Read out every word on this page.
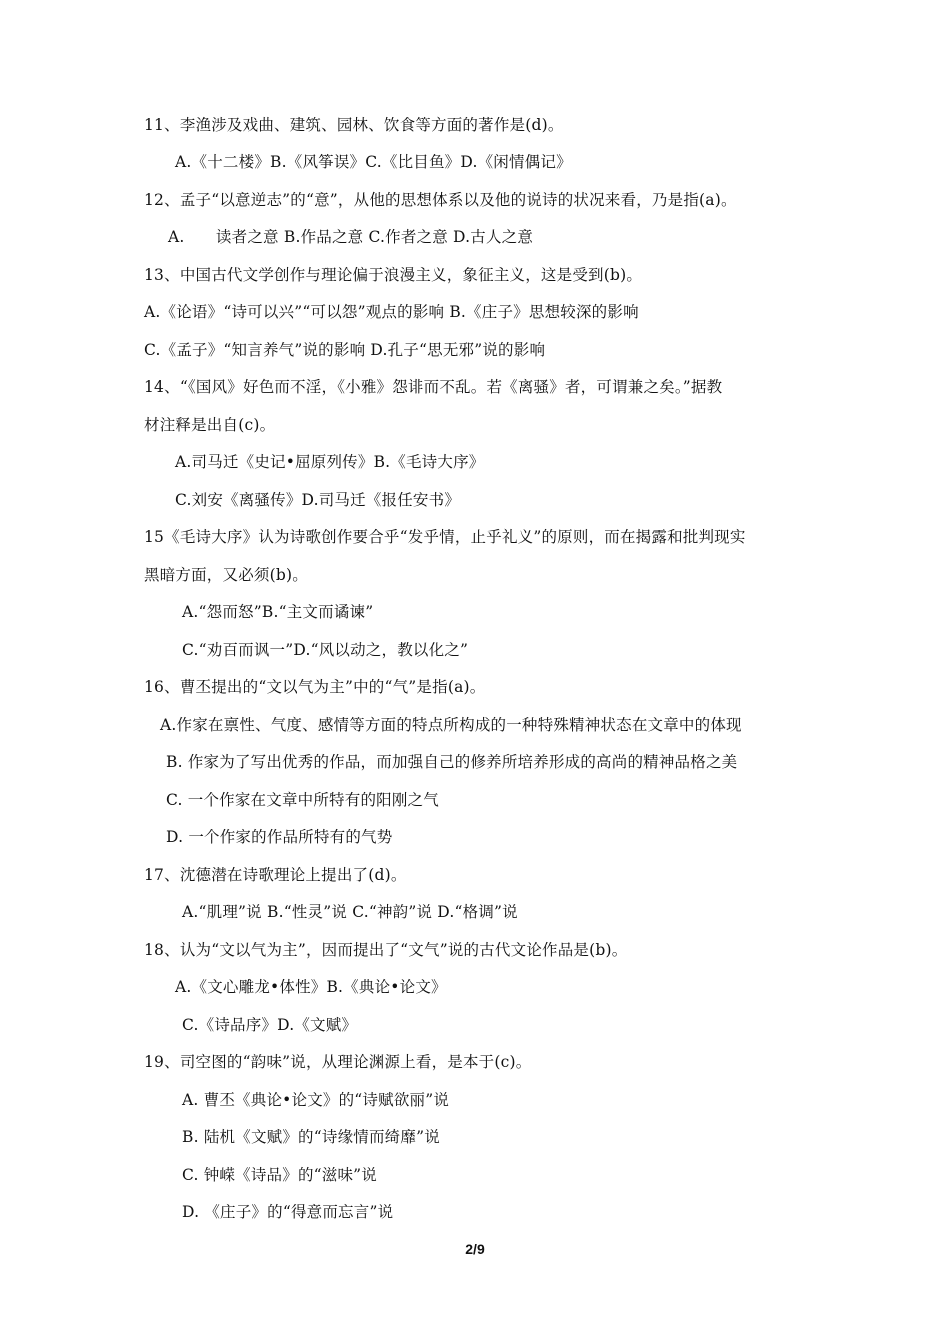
11、李渔涉及戏曲、建筑、园林、饮食等方面的著作是(d)。
A.《十二楼》B.《风筝误》C.《比目鱼》D.《闲情偶记》
12、孟子“以意逆志”的“意”，从他的思想体系以及他的说诗的状况来看，乃是指(a)。
A.　　读者之意 B.作品之意 C.作者之意 D.古人之意
13、中国古代文学创作与理论偏于浪漫主义，象征主义，这是受到(b)。
A.《论语》“诗可以兴”“可以怨”观点的影响 B.《庄子》思想较深的影响
C.《孟子》“知言养气”说的影响 D.孔子“思无邪”说的影响
14、“《国风》好色而不淫，《小雅》怨诽而不乱。若《离骚》者，可谓兼之矣。”据教
材注释是出自(c)。
A.司马迁《史记•屈原列传》B.《毛诗大序》
C.刘安《离骚传》D.司马迁《报任安书》
15《毛诗大序》认为诗歌创作要合乎“发乎情，止乎礼义”的原则，而在揭露和批判现实
黑暗方面，又必须(b)。
A.“怨而怒”B.“主文而谲谏”
C.“劝百而讽一”D.“风以动之，教以化之”
16、曹丕提出的“文以气为主”中的“气”是指(a)。
A.作家在禀性、气度、感情等方面的特点所构成的一种特殊精神状态在文章中的体现
B. 作家为了写出优秀的作品，而加强自己的修养所培养形成的高尚的精神品格之美
C. 一个作家在文章中所特有的阳刚之气
D. 一个作家的作品所特有的气势
17、沈德潜在诗歌理论上提出了(d)。
A.“肌理”说 B.“性灵”说 C.“神韵”说 D.“格调”说
18、认为“文以气为主”，因而提出了“文气”说的古代文论作品是(b)。
A.《文心雕龙•体性》B.《典论•论文》
C.《诗品序》D.《文赋》
19、司空图的“韵味”说，从理论渊源上看，是本于(c)。
A. 曹丕《典论•论文》的“诗赋欲丽”说
B. 陆机《文赋》的“诗缘情而绮靡”说
C. 钟嵘《诗品》的“滋味”说
D. 《庄子》的“得意而忘言”说
2/9
